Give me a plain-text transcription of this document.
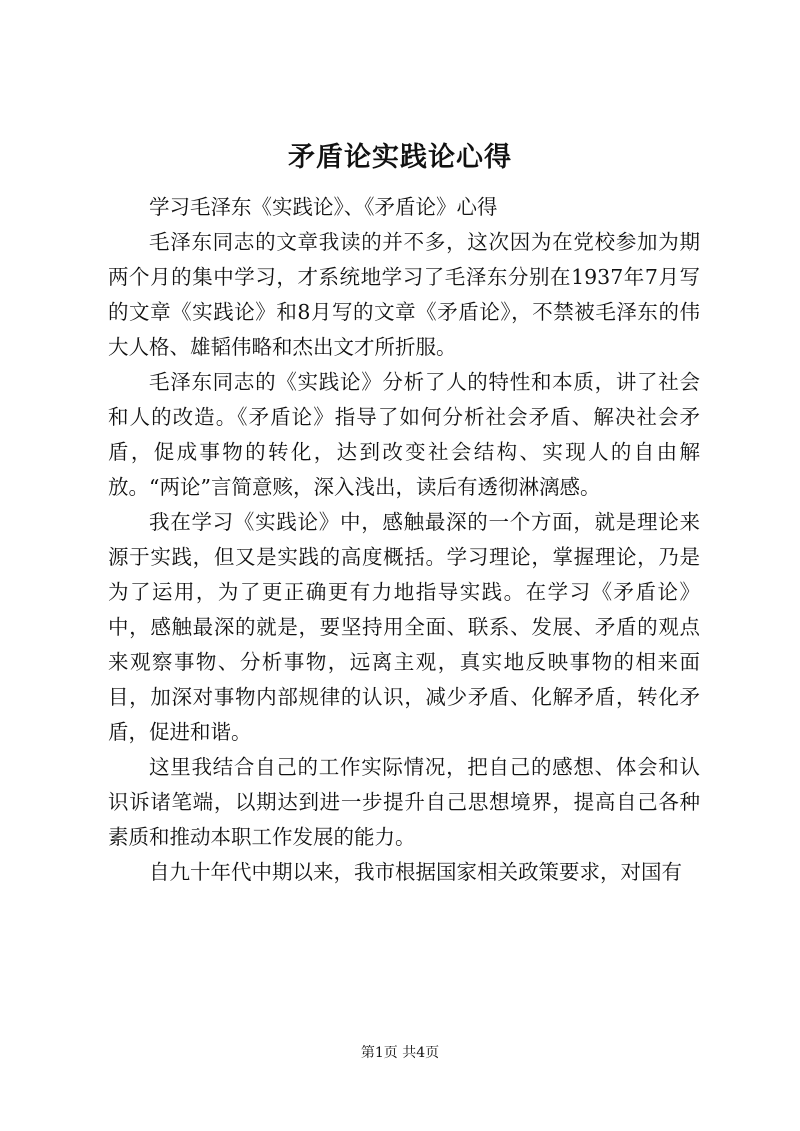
矛盾论实践论心得

学习毛泽东《实践论》、《矛盾论》心得

毛泽东同志的文章我读的并不多，这次因为在党校参加为期两个月的集中学习，才系统地学习了毛泽东分别在1937年7月写的文章《实践论》和8月写的文章《矛盾论》，不禁被毛泽东的伟大人格、雄韬伟略和杰出文才所折服。

毛泽东同志的《实践论》分析了人的特性和本质，讲了社会和人的改造。《矛盾论》指导了如何分析社会矛盾、解决社会矛盾，促成事物的转化，达到改变社会结构、实现人的自由解放。“两论”言简意赅，深入浅出，读后有透彻淋漓感。

我在学习《实践论》中，感触最深的一个方面，就是理论来源于实践，但又是实践的高度概括。学习理论，掌握理论，乃是为了运用，为了更正确更有力地指导实践。在学习《矛盾论》中，感触最深的就是，要坚持用全面、联系、发展、矛盾的观点来观察事物、分析事物，远离主观，真实地反映事物的相来面目，加深对事物内部规律的认识，减少矛盾、化解矛盾，转化矛盾，促进和谐。

这里我结合自己的工作实际情况，把自己的感想、体会和认识诉诸笔端，以期达到进一步提升自己思想境界，提高自己各种素质和推动本职工作发展的能力。

自九十年代中期以来，我市根据国家相关政策要求，对国有

第1页 共4页
